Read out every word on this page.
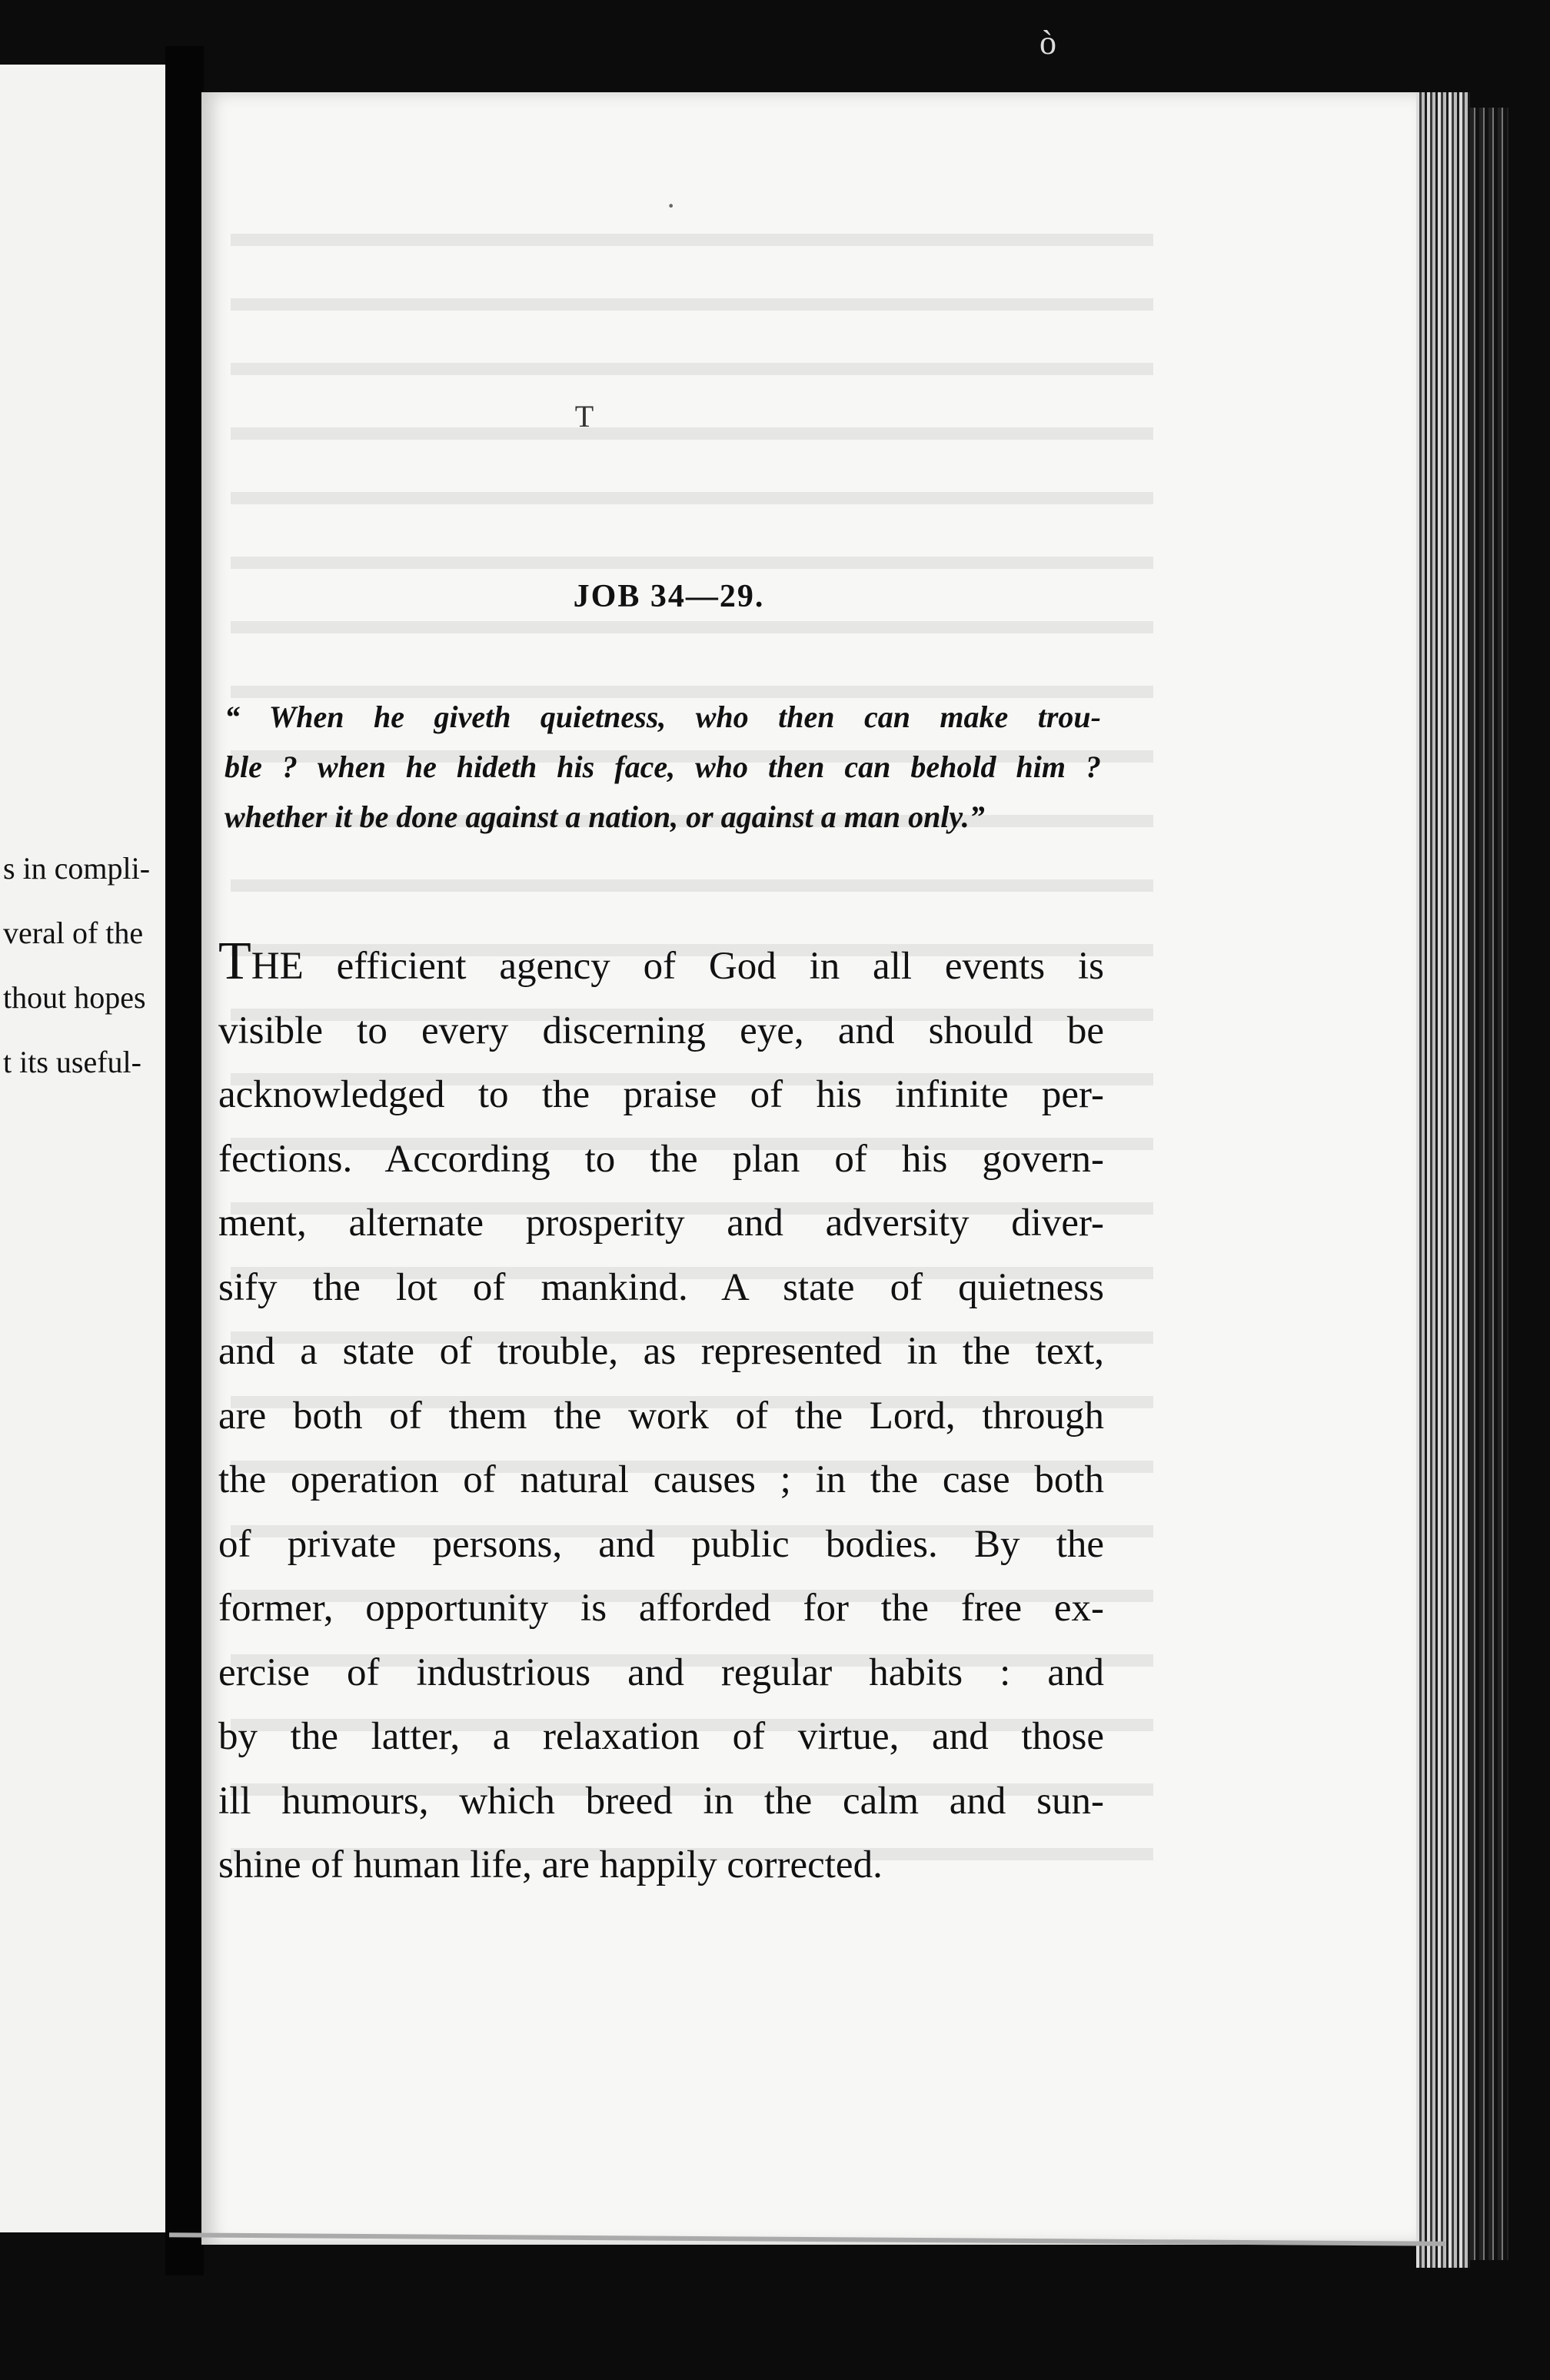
s in compli-
veral of the
thout hopes
t its useful-
ò
·
T
JOB 34—29.
“ When he giveth quietness, who then can make trou-
ble ? when he hideth his face, who then can behold him ?
whether it be done against a nation, or against a man only.”
THE efficient agency of God in all events is
visible to every discerning eye, and should be
acknowledged to the praise of his infinite per-
fections. According to the plan of his govern-
ment, alternate prosperity and adversity diver-
sify the lot of mankind. A state of quietness
and a state of trouble, as represented in the text,
are both of them the work of the Lord, through
the operation of natural causes ; in the case both
of private persons, and public bodies. By the
former, opportunity is afforded for the free ex-
ercise of industrious and regular habits : and
by the latter, a relaxation of virtue, and those
ill humours, which breed in the calm and sun-
shine of human life, are happily corrected.
